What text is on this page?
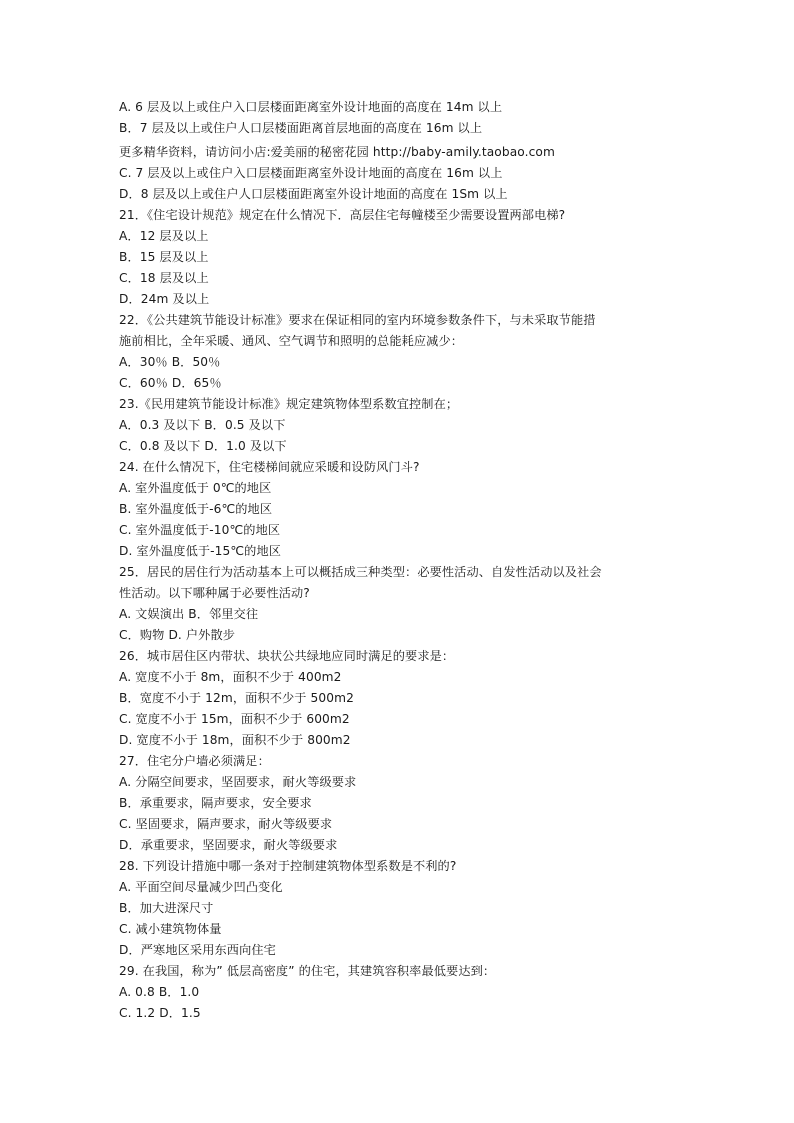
A. 6 层及以上或住户入口层楼面距离室外设计地面的高度在 14m 以上
B．7 层及以上或住户人口层楼面距离首层地面的高度在 16m 以上
更多精华资料，请访问小店:爱美丽的秘密花园 http://baby-amily.taobao.com
C. 7 层及以上或住户入口层楼面距离室外设计地面的高度在 16m 以上
D．8 层及以上或住户人口层楼面距离室外设计地面的高度在 1Sm 以上
21．《住宅设计规范》规定在什么情况下．高层住宅每幢楼至少需要设置两部电梯?
A．12 层及以上
B．15 层及以上
C．18 层及以上
D．24m 及以上
22．《公共建筑节能设计标准》要求在保证相同的室内环境参数条件下，与未采取节能措
施前相比，全年采暖、通风、空气调节和照明的总能耗应减少：
A．30％ B．50％
C．60％ D．65％
23.《民用建筑节能设计标准》规定建筑物体型系数宜控制在；
A．0.3 及以下 B．0.5 及以下
C．0.8 及以下 D．1.0 及以下
24. 在什么情况下，住宅楼梯间就应采暖和设防风门斗?
A. 室外温度低于 0℃的地区
B. 室外温度低于-6℃的地区
C. 室外温度低于-10℃的地区
D. 室外温度低于-15℃的地区
25．居民的居住行为活动基本上可以概括成三种类型：必要性活动、自发性活动以及社会
性活动。以下哪种属于必要性活动?
A. 文娱演出 B．邻里交往
C．购物 D. 户外散步
26．城市居住区内带状、块状公共绿地应同时满足的要求是：
A. 宽度不小于 8m，面积不少于 400m2
B．宽度不小于 12m，面积不少于 500m2
C. 宽度不小于 15m，面积不少于 600m2
D. 宽度不小于 18m，面积不少于 800m2
27．住宅分户墙必须满足：
A. 分隔空间要求，坚固要求，耐火等级要求
B．承重要求，隔声要求，安全要求
C. 坚固要求，隔声要求，耐火等级要求
D．承重要求，坚固要求，耐火等级要求
28. 下列设计措施中哪一条对于控制建筑物体型系数是不利的?
A. 平面空间尽量减少凹凸变化
B．加大进深尺寸
C. 减小建筑物体量
D．严寒地区采用东西向住宅
29. 在我国，称为” 低层高密度” 的住宅，其建筑容积率最低要达到：
A. 0.8 B．1.0
C. 1.2 D．1.5
